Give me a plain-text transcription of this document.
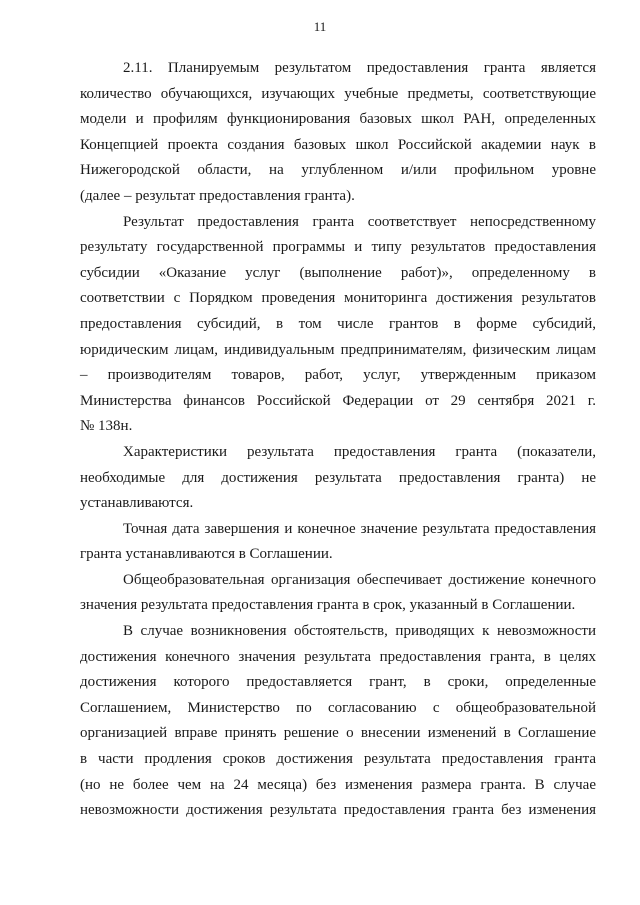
11
2.11. Планируемым результатом предоставления гранта является
количество обучающихся, изучающих учебные предметы, соответствующие
модели и профилям функционирования базовых школ РАН, определенных
Концепцией проекта создания базовых школ Российской академии наук в
Нижегородской области, на углубленном и/или профильном уровне
(далее – результат предоставления гранта).
Результат предоставления гранта соответствует непосредственному
результату государственной программы и типу результатов предоставления
субсидии «Оказание услуг (выполнение работ)», определенному в
соответствии с Порядком проведения мониторинга достижения результатов
предоставления субсидий, в том числе грантов в форме субсидий,
юридическим лицам, индивидуальным предпринимателям, физическим лицам
– производителям товаров, работ, услуг, утвержденным приказом
Министерства финансов Российской Федерации от 29 сентября 2021 г.
№ 138н.
Характеристики результата предоставления гранта (показатели,
необходимые для достижения результата предоставления гранта) не
устанавливаются.
Точная дата завершения и конечное значение результата предоставления
гранта устанавливаются в Соглашении.
Общеобразовательная организация обеспечивает достижение конечного
значения результата предоставления гранта в срок, указанный в Соглашении.
В случае возникновения обстоятельств, приводящих к невозможности
достижения конечного значения результата предоставления гранта, в целях
достижения которого предоставляется грант, в сроки, определенные
Соглашением, Министерство по согласованию с общеобразовательной
организацией вправе принять решение о внесении изменений в Соглашение
в части продления сроков достижения результата предоставления гранта
(но не более чем на 24 месяца) без изменения размера гранта. В случае
невозможности достижения результата предоставления гранта без изменения
